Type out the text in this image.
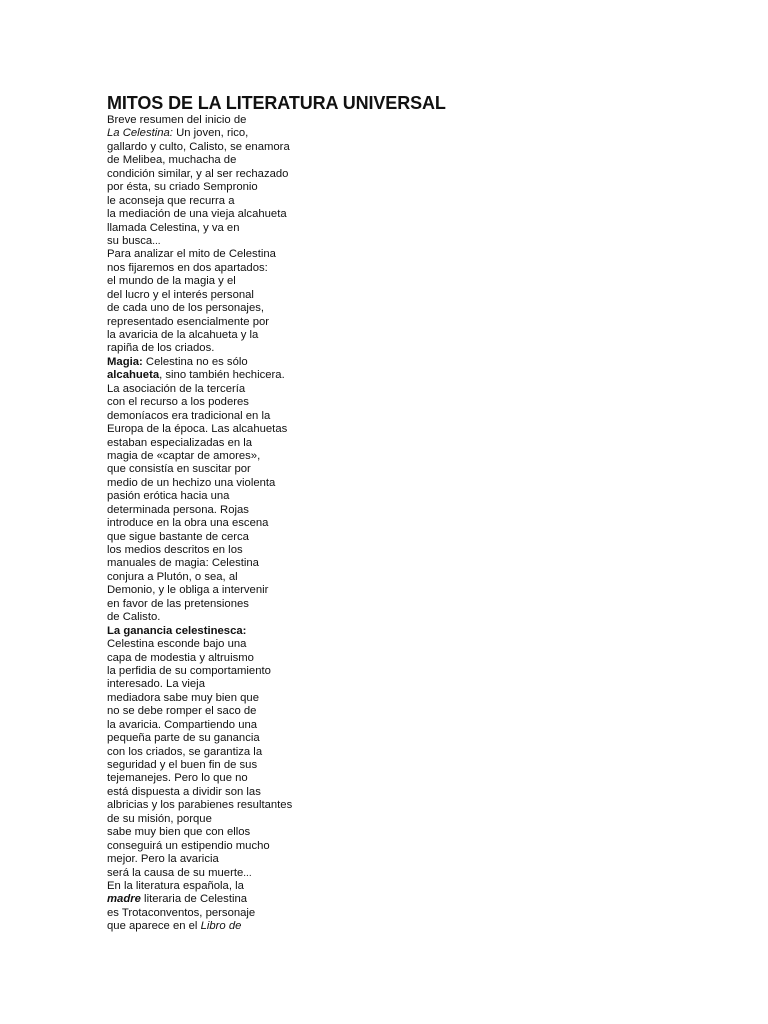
MITOS DE LA LITERATURA UNIVERSAL
Breve resumen del inicio de
La Celestina: Un joven, rico,
gallardo y culto, Calisto, se enamora
de Melibea, muchacha de
condición similar, y al ser rechazado
por ésta, su criado Sempronio
le aconseja que recurra a
la mediación de una vieja alcahueta
llamada Celestina, y va en
su busca...
Para analizar el mito de Celestina
nos fijaremos en dos apartados:
el mundo de la magia y el
del lucro y el interés personal
de cada uno de los personajes,
representado esencialmente por
la avaricia de la alcahueta y la
rapiña de los criados.
Magia: Celestina no es sólo
alcahueta, sino también hechicera.
La asociación de la tercería
con el recurso a los poderes
demoníacos era tradicional en la
Europa de la época. Las alcahuetas
estaban especializadas en la
magia de «captar de amores»,
que consistía en suscitar por
medio de un hechizo una violenta
pasión erótica hacia una
determinada persona. Rojas
introduce en la obra una escena
que sigue bastante de cerca
los medios descritos en los
manuales de magia: Celestina
conjura a Plutón, o sea, al
Demonio, y le obliga a intervenir
en favor de las pretensiones
de Calisto.
La ganancia celestinesca:
Celestina esconde bajo una
capa de modestia y altruismo
la perfidia de su comportamiento
interesado. La vieja
mediadora sabe muy bien que
no se debe romper el saco de
la avaricia. Compartiendo una
pequeña parte de su ganancia
con los criados, se garantiza la
seguridad y el buen fin de sus
tejemanejes. Pero lo que no
está dispuesta a dividir son las
albricias y los parabienes resultantes
de su misión, porque
sabe muy bien que con ellos
conseguirá un estipendio mucho
mejor. Pero la avaricia
será la causa de su muerte...
En la literatura española, la
madre literaria de Celestina
es Trotaconventos, personaje
que aparece en el Libro de
